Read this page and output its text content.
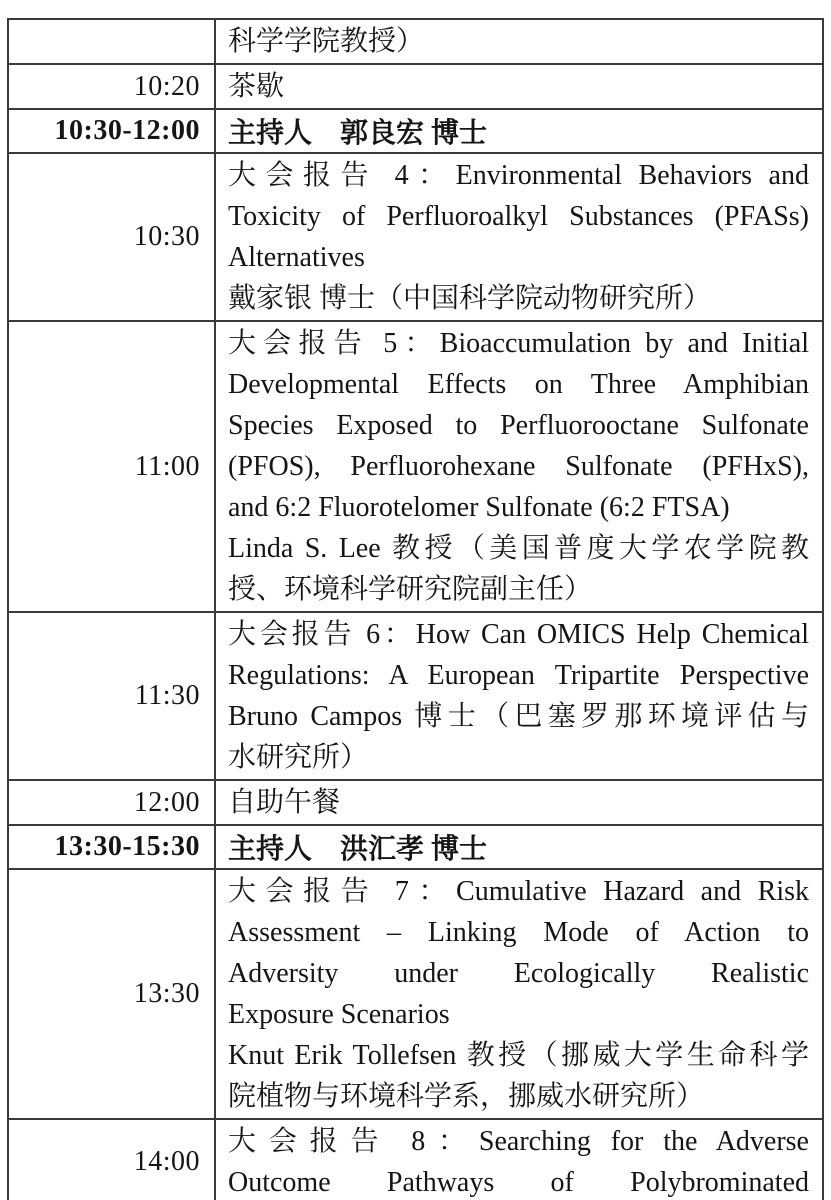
	科学学院教授）

10:20	茶歇

10:30-12:00	主持人 郭良宏 博士
10:30	大会报告 4：Environmental Behaviors and
Toxicity of Perfluoroalkyl Substances (PFASs)
Alternatives
戴家银 博士（中国科学院动物研究所）

11:00	
大会报告 5：Bioaccumulation by and Initial
Developmental Effects on Three Amphibian
Species Exposed to Perfluorooctane Sulfonate
(PFOS), Perfluorohexane Sulfonate (PFHxS),
and 6:2 Fluorotelomer Sulfonate (6:2 FTSA)
Linda S. Lee 教授（美国普度大学农学院教
授、环境科学研究院副主任）

11:30	大会报告 6：How Can OMICS Help Chemical
Regulations: A European Tripartite Perspective
Bruno Campos 博士（巴塞罗那环境评估与
水研究所）

12:00	自助午餐

13:30-15:30	主持人 洪汇孝 博士
13:30	
大会报告 7：Cumulative Hazard and Risk
Assessment – Linking Mode of Action to
Adversity under Ecologically Realistic
Exposure Scenarios
Knut Erik Tollefsen 教授（挪威大学生命科学
院植物与环境科学系，挪威水研究所）

14:00	大会报告 8：Searching for the Adverse
Outcome Pathways of Polybrominated
